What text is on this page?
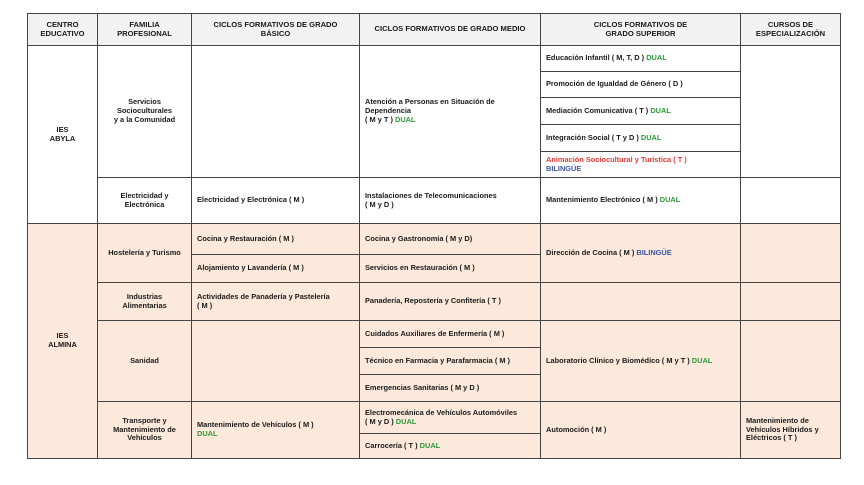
CENTRO
EDUCATIVO	FAMILIA
PROFESIONAL	CICLOS FORMATIVOS DE GRADO
BÁSICO	CICLOS FORMATIVOS DE GRADO MEDIO	CICLOS FORMATIVOS DE
GRADO SUPERIOR	CURSOS DE
ESPECIALIZACIÓN
IES
ABYLA	Servicios
Socioculturales
y a la Comunidad		Atención a Personas en Situación de
Dependencia
( M y T ) DUAL	Educación Infantil ( M, T, D ) DUAL	
				Promoción de Igualdad de Género ( D )	
				Mediación Comunicativa ( T ) DUAL	
				Integración Social ( T y D ) DUAL	
				Animación Sociocultural y Turística ( T )
BILINGÜE	
	Electricidad y
Electrónica	Electricidad y Electrónica ( M )	Instalaciones de Telecomunicaciones
( M y D )	Mantenimiento Electrónico ( M ) DUAL	
IES
ALMINA	Hostelería y Turismo	Cocina y Restauración ( M )	Cocina y Gastronomía ( M y D)	Dirección de Cocina ( M ) BILINGÜE	
		Alojamiento y Lavandería ( M )	Servicios en Restauración ( M )		
	Industrias
Alimentarias	Actividades de Panadería y Pastelería
( M )	Panadería, Repostería y Confitería ( T )		
	Sanidad		Cuidados Auxiliares de Enfermería ( M )	Laboratorio Clínico y Biomédico ( M y T ) DUAL	
			Técnico en Farmacia y Parafarmacia ( M )		
			Emergencias Sanitarias ( M y D )		
	Transporte y
Mantenimiento de
Vehículos	Mantenimiento de Vehículos ( M )
DUAL	Electromecánica de Vehículos Automóviles
( M y D ) DUAL	Automoción ( M )	Mantenimiento de
Vehículos Híbridos y
Eléctricos ( T )
			Carrocería ( T ) DUAL		
